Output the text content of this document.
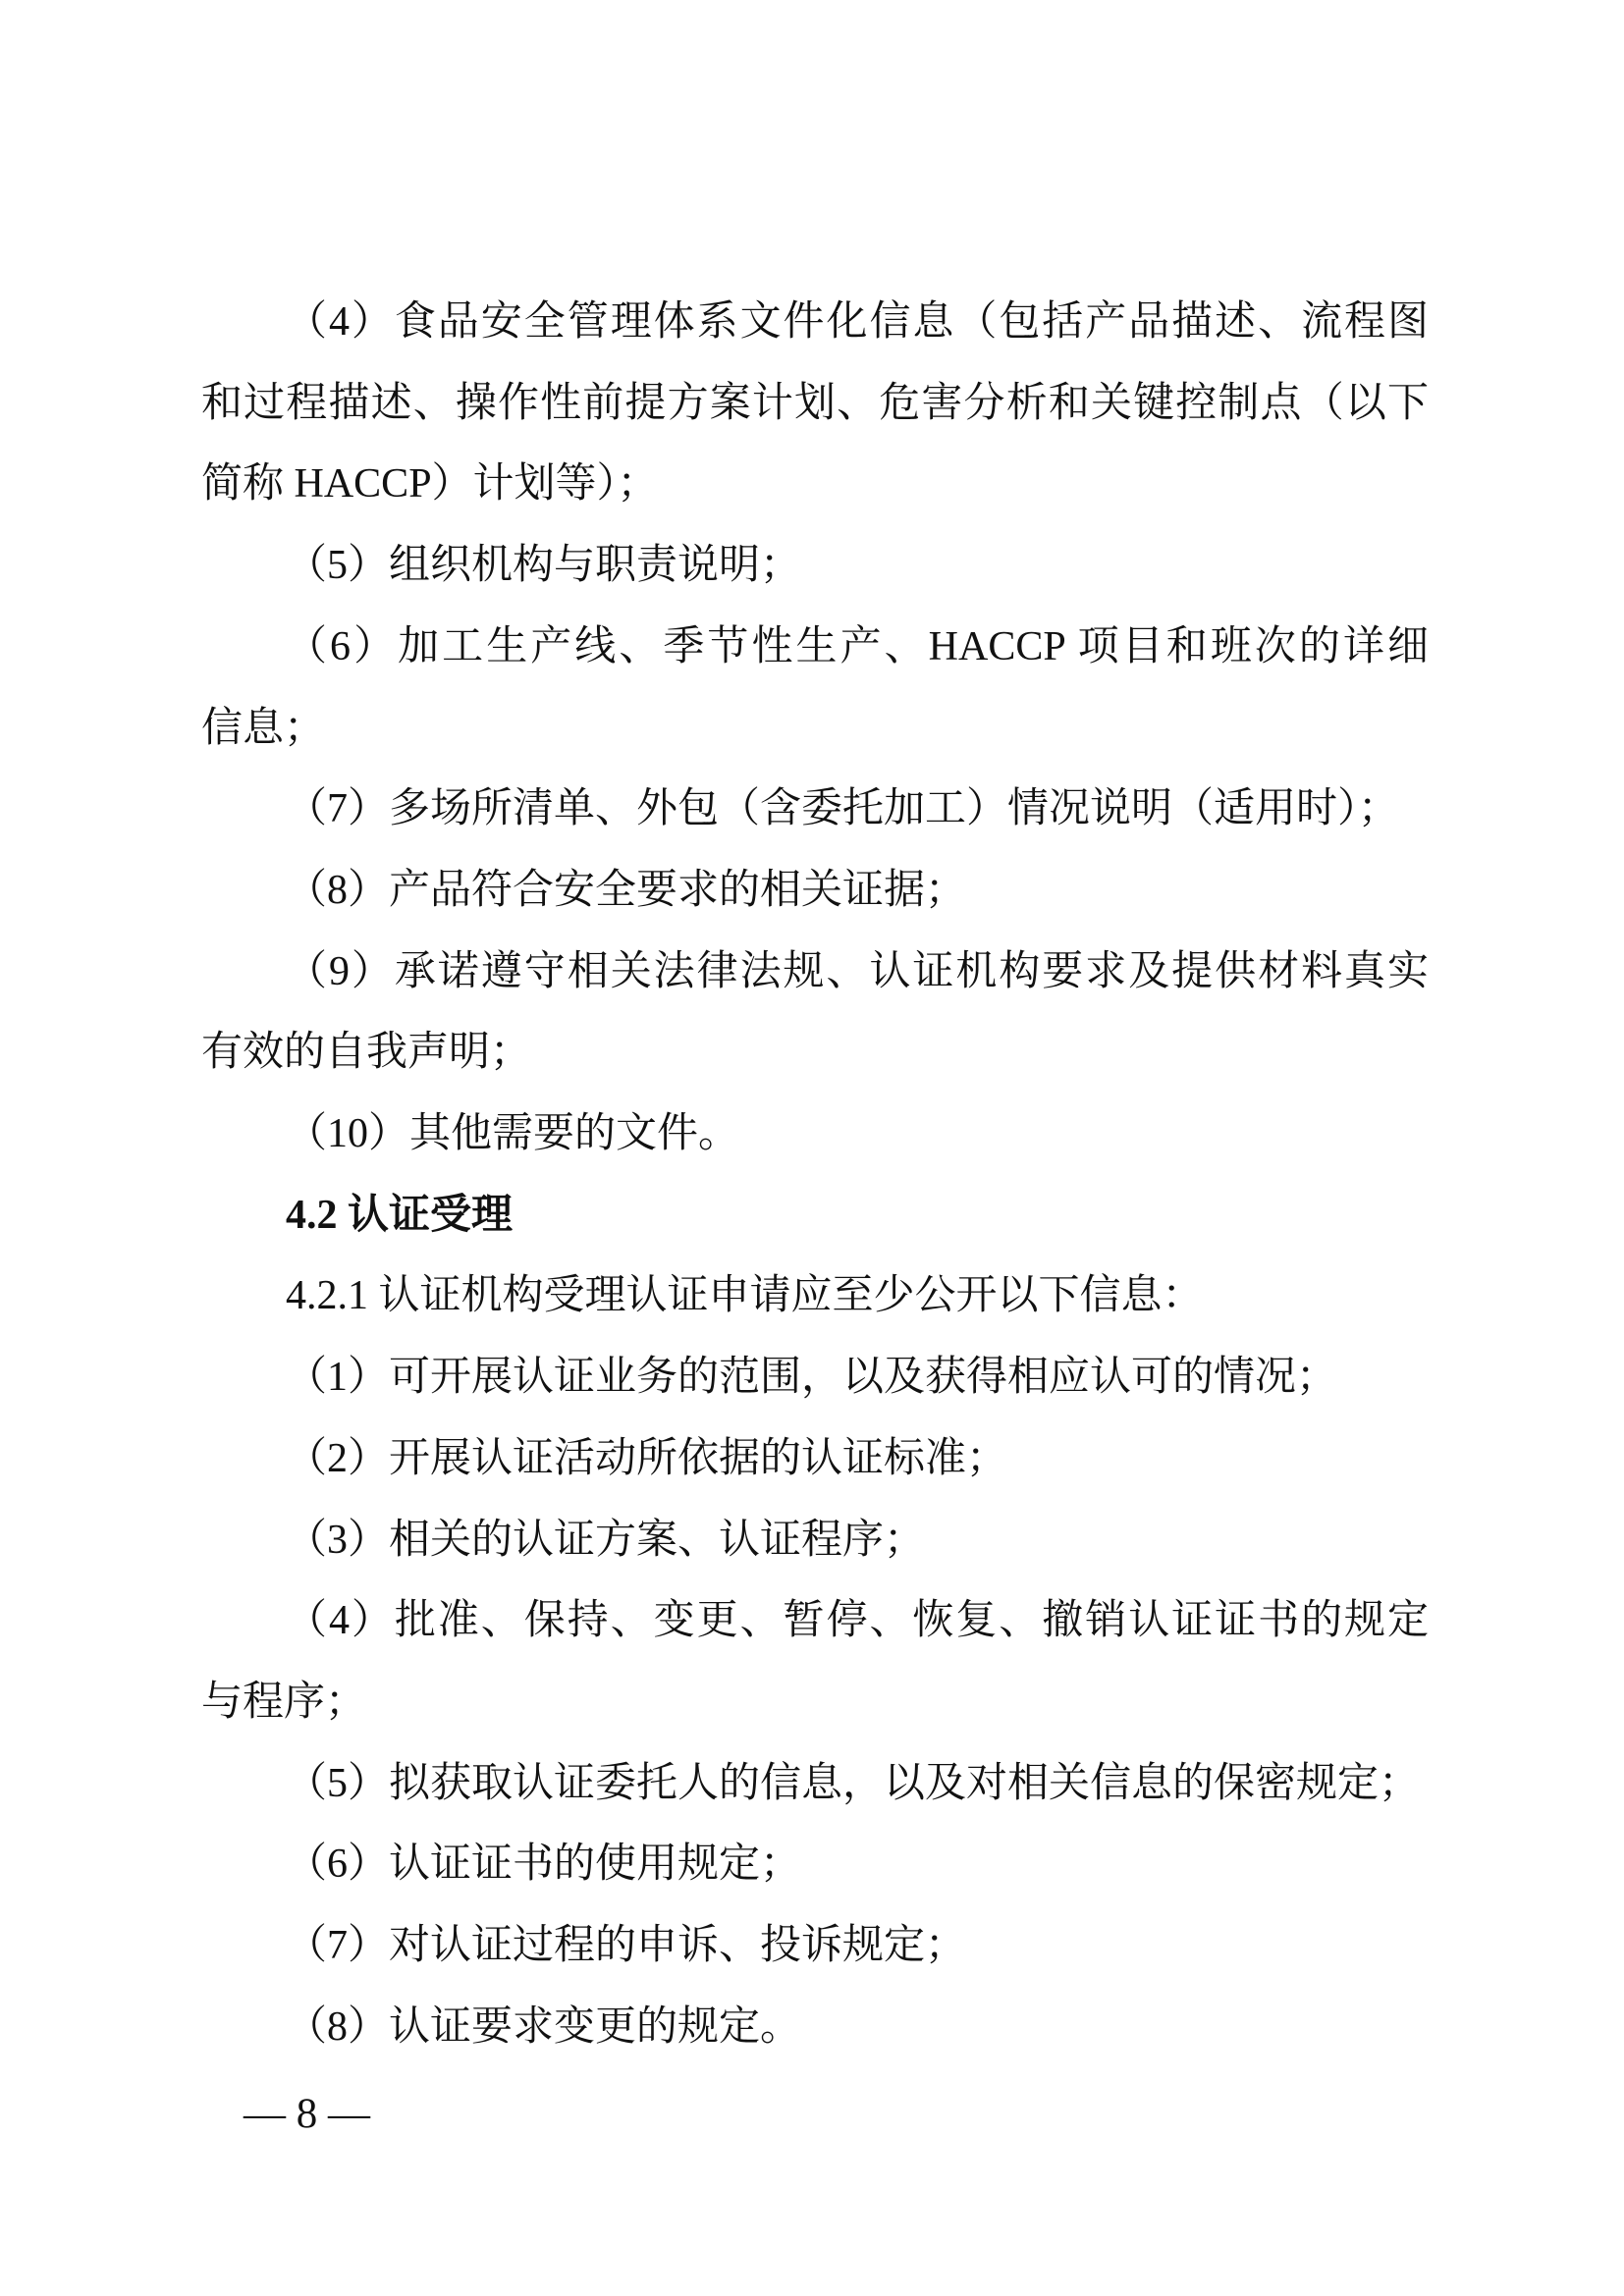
（4）食品安全管理体系文件化信息（包括产品描述、流程图
和过程描述、操作性前提方案计划、危害分析和关键控制点（以下
简称 HACCP）计划等）；
（5）组织机构与职责说明；
（6）加工生产线、季节性生产、HACCP 项目和班次的详细
信息；
（7）多场所清单、外包（含委托加工）情况说明（适用时）；
（8）产品符合安全要求的相关证据；
（9）承诺遵守相关法律法规、认证机构要求及提供材料真实
有效的自我声明；
（10）其他需要的文件。
4.2 认证受理
4.2.1 认证机构受理认证申请应至少公开以下信息：
（1）可开展认证业务的范围，以及获得相应认可的情况；
（2）开展认证活动所依据的认证标准；
（3）相关的认证方案、认证程序；
（4）批准、保持、变更、暂停、恢复、撤销认证证书的规定
与程序；
（5）拟获取认证委托人的信息，以及对相关信息的保密规定；
（6）认证证书的使用规定；
（7）对认证过程的申诉、投诉规定；
（8）认证要求变更的规定。
— 8 —
